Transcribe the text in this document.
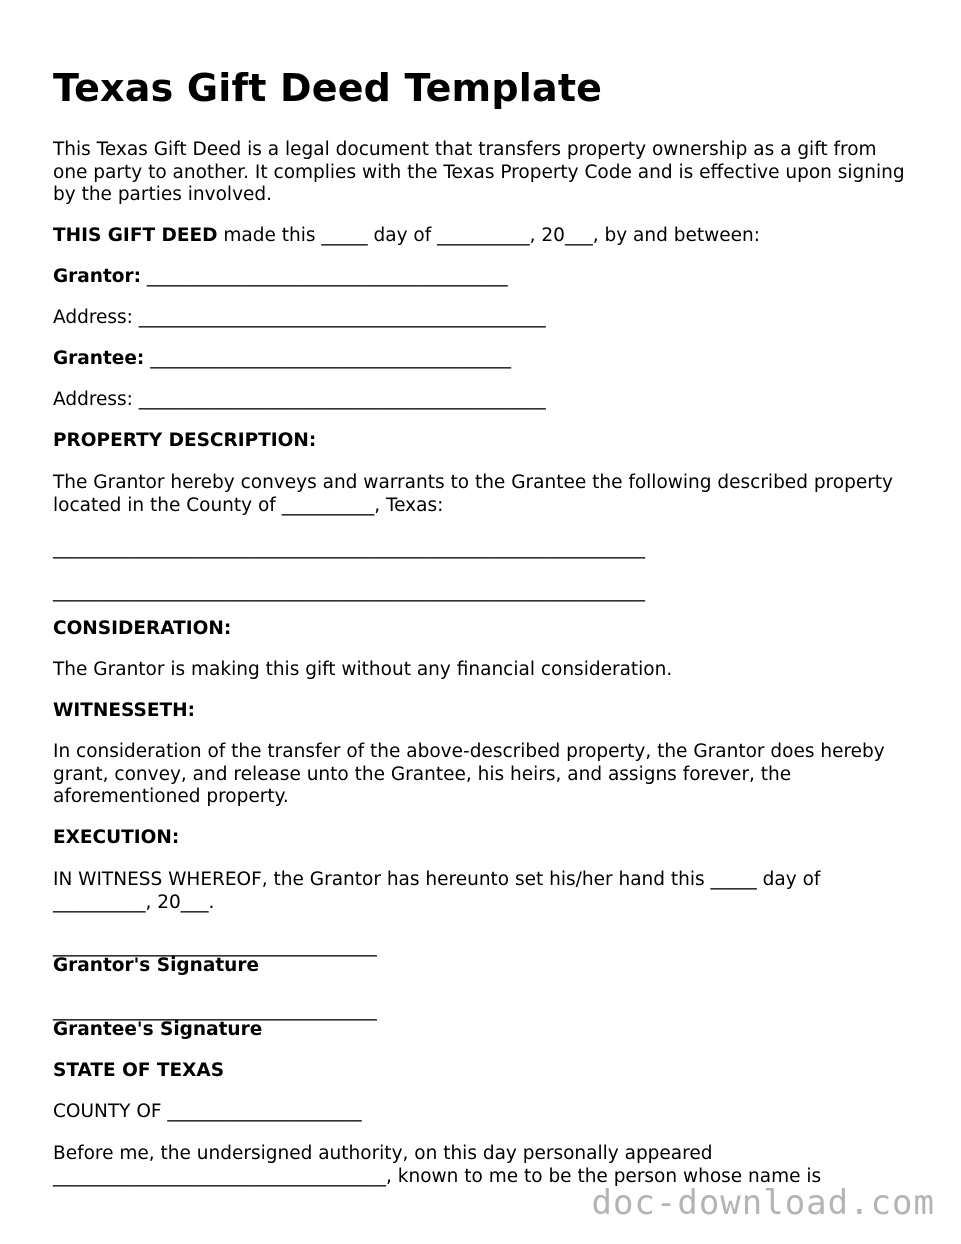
Texas Gift Deed Template

This Texas Gift Deed is a legal document that transfers property ownership as a gift from one party to another. It complies with the Texas Property Code and is effective upon signing by the parties involved.

THIS GIFT DEED made this _____ day of __________, 20___, by and between:

Grantor: _______________________________________

Address: ____________________________________________

Grantee: _______________________________________

Address: ____________________________________________

PROPERTY DESCRIPTION:

The Grantor hereby conveys and warrants to the Grantee the following described property located in the County of __________, Texas:

________________________________________________________________

________________________________________________________________

CONSIDERATION:

The Grantor is making this gift without any financial consideration.

WITNESSETH:

In consideration of the transfer of the above-described property, the Grantor does hereby grant, convey, and release unto the Grantee, his heirs, and assigns forever, the aforementioned property.

EXECUTION:

IN WITNESS WHEREOF, the Grantor has hereunto set his/her hand this _____ day of __________, 20___.

___________________________________

Grantor's Signature

___________________________________

Grantee's Signature

STATE OF TEXAS

COUNTY OF _____________________

Before me, the undersigned authority, on this day personally appeared ____________________________________, known to me to be the person whose name is

doc-download.com
